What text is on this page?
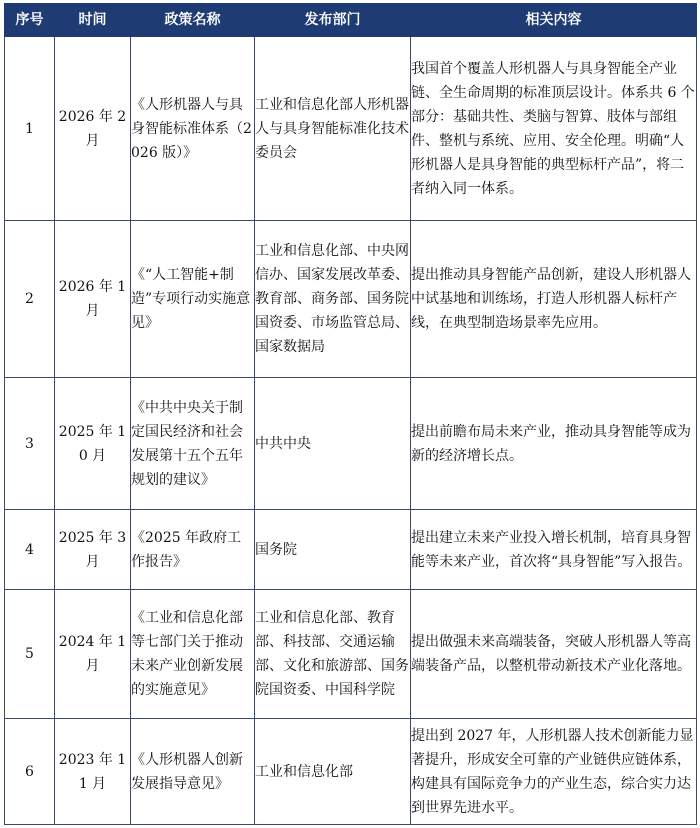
序号	时间	政策名称	发布部门	相关内容
1	2026 年 2 月	《人形机器人与具身智能标准体系（2026 版）》	工业和信息化部人形机器人与具身智能标准化技术委员会	我国首个覆盖人形机器人与具身智能全产业链、全生命周期的标准顶层设计。体系共 6 个部分：基础共性、类脑与智算、肢体与部组件、整机与系统、应用、安全伦理。明确“人形机器人是具身智能的典型标杆产品”，将二者纳入同一体系。
2	2026 年 1 月	《“人工智能+制造”专项行动实施意见》	工业和信息化部、中央网信办、国家发展改革委、教育部、商务部、国务院国资委、市场监管总局、国家数据局	提出推动具身智能产品创新，建设人形机器人中试基地和训练场，打造人形机器人标杆产线，在典型制造场景率先应用。
3	2025 年 10 月	《中共中央关于制定国民经济和社会发展第十五个五年规划的建议》	中共中央	提出前瞻布局未来产业，推动具身智能等成为新的经济增长点。
4	2025 年 3 月	《2025 年政府工作报告》	国务院	提出建立未来产业投入增长机制，培育具身智能等未来产业，首次将“具身智能”写入报告。
5	2024 年 1 月	《工业和信息化部等七部门关于推动未来产业创新发展的实施意见》	工业和信息化部、教育部、科技部、交通运输部、文化和旅游部、国务院国资委、中国科学院	提出做强未来高端装备，突破人形机器人等高端装备产品，以整机带动新技术产业化落地。
6	2023 年 11 月	《人形机器人创新发展指导意见》	工业和信息化部	提出到 2027 年，人形机器人技术创新能力显著提升，形成安全可靠的产业链供应链体系，构建具有国际竞争力的产业生态，综合实力达到世界先进水平。
